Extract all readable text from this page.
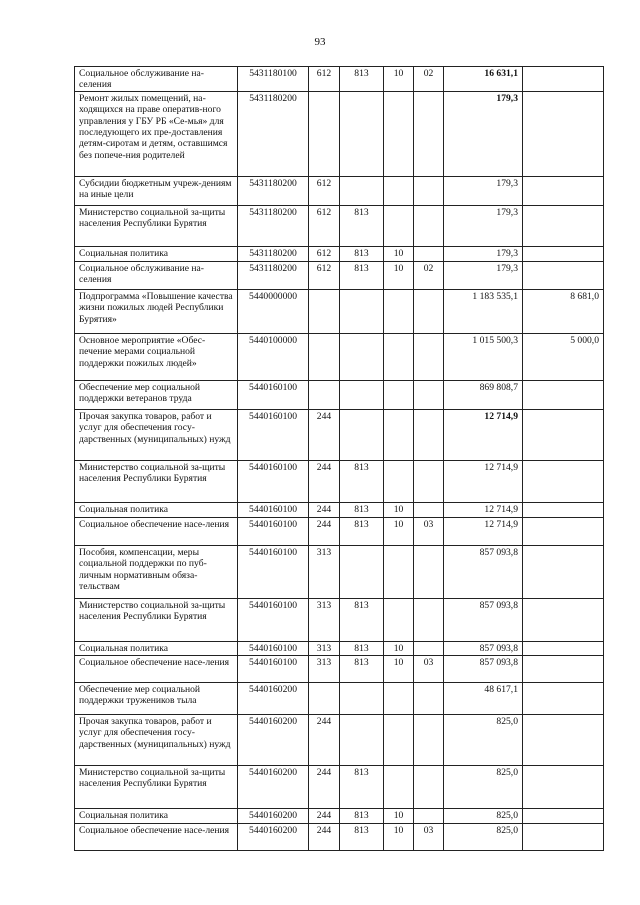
93
Социальное обслуживание на-селения	5431180100	612	813	10	02	16 631,1	
Ремонт жилых помещений, на-ходящихся на праве оператив-ного управления у ГБУ РБ «Се-мья» для последующего их пре-доставления детям-сиротам и детям, оставшимся без попече-ния родителей	5431180200					179,3	
Субсидии бюджетным учреж-дениям на иные цели	5431180200	612				179,3	
Министерство социальной за-щиты населения Республики Бурятия	5431180200	612	813			179,3	
Социальная политика	5431180200	612	813	10		179,3	
Социальное обслуживание на-селения	5431180200	612	813	10	02	179,3	
Подпрограмма «Повышение качества жизни пожилых людей Республики Бурятия»	5440000000					1 183 535,1	8 681,0
Основное мероприятие «Обес-печение мерами социальной поддержки пожилых людей»	5440100000					1 015 500,3	5 000,0
Обеспечение мер социальной поддержки ветеранов труда	5440160100					869 808,7	
Прочая закупка товаров, работ и услуг для обеспечения госу-дарственных (муниципальных) нужд	5440160100	244				12 714,9	
Министерство социальной за-щиты населения Республики Бурятия	5440160100	244	813			12 714,9	
Социальная политика	5440160100	244	813	10		12 714,9	
Социальное обеспечение насе-ления	5440160100	244	813	10	03	12 714,9	
Пособия, компенсации, меры социальной поддержки по пуб-личным нормативным обяза-тельствам	5440160100	313				857 093,8	
Министерство социальной за-щиты населения Республики Бурятия	5440160100	313	813			857 093,8	
Социальная политика	5440160100	313	813	10		857 093,8	
Социальное обеспечение насе-ления	5440160100	313	813	10	03	857 093,8	
Обеспечение мер социальной поддержки тружеников тыла	5440160200					48 617,1	
Прочая закупка товаров, работ и услуг для обеспечения госу-дарственных (муниципальных) нужд	5440160200	244				825,0	
Министерство социальной за-щиты населения Республики Бурятия	5440160200	244	813			825,0	
Социальная политика	5440160200	244	813	10		825,0	
Социальное обеспечение насе-ления	5440160200	244	813	10	03	825,0	
